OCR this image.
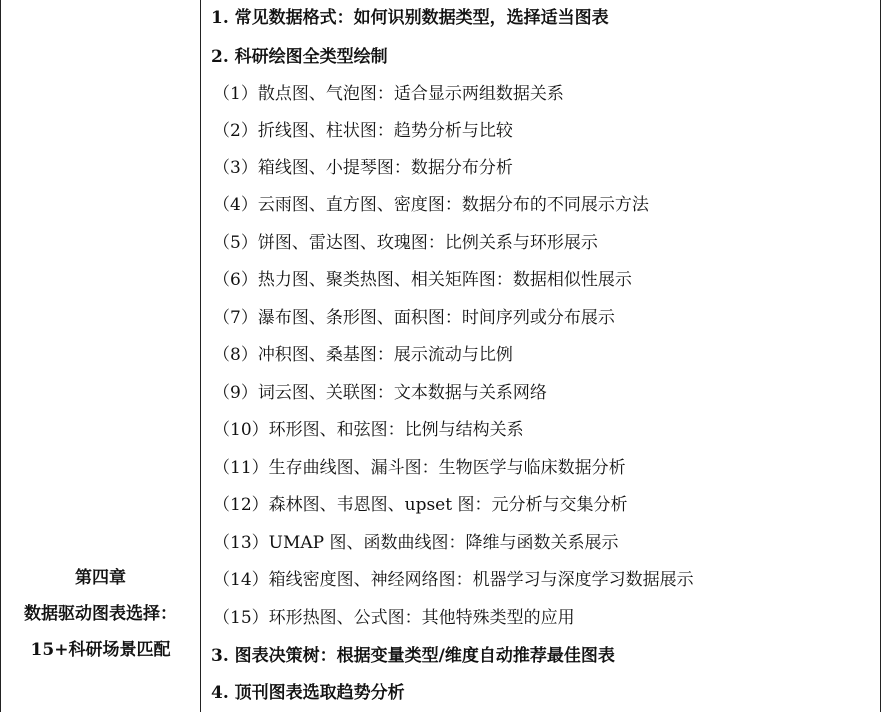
第四章
数据驱动图表选择：
15+科研场景匹配
1. 常见数据格式：如何识别数据类型，选择适当图表
2. 科研绘图全类型绘制
（1）散点图、气泡图：适合显示两组数据关系
（2）折线图、柱状图：趋势分析与比较
（3）箱线图、小提琴图：数据分布分析
（4）云雨图、直方图、密度图：数据分布的不同展示方法
（5）饼图、雷达图、玫瑰图：比例关系与环形展示
（6）热力图、聚类热图、相关矩阵图：数据相似性展示
（7）瀑布图、条形图、面积图：时间序列或分布展示
（8）冲积图、桑基图：展示流动与比例
（9）词云图、关联图：文本数据与关系网络
（10）环形图、和弦图：比例与结构关系
（11）生存曲线图、漏斗图：生物医学与临床数据分析
（12）森林图、韦恩图、upset 图：元分析与交集分析
（13）UMAP 图、函数曲线图：降维与函数关系展示
（14）箱线密度图、神经网络图：机器学习与深度学习数据展示
（15）环形热图、公式图：其他特殊类型的应用
3. 图表决策树：根据变量类型/维度自动推荐最佳图表
4. 顶刊图表选取趋势分析
